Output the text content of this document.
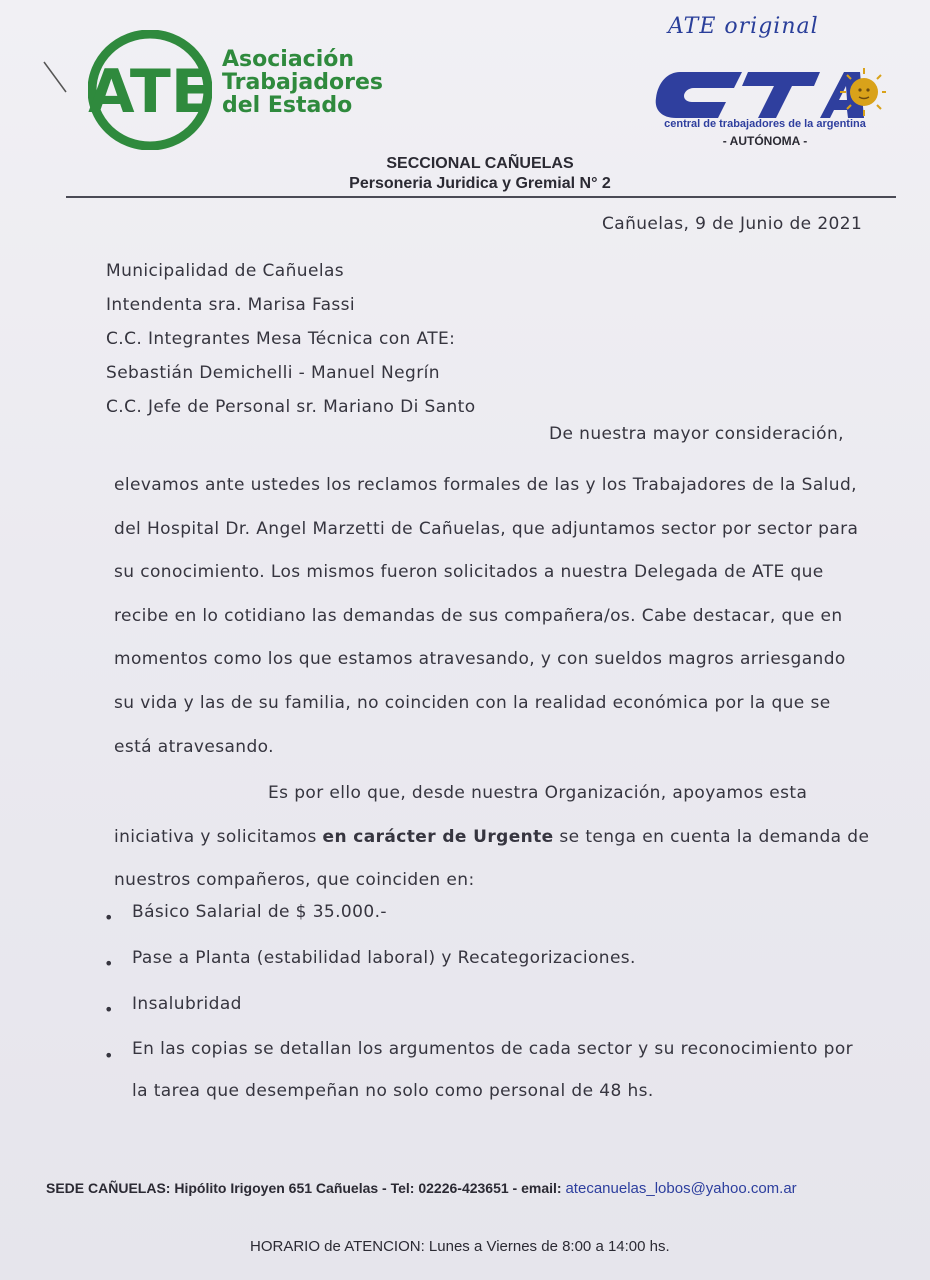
ATE Asociación
Trabajadores
del Estado
ATE original
central de trabajadores de la argentina
- AUTÓNOMA -
SECCIONAL CAÑUELAS
Personeria Juridica y Gremial N° 2
Cañuelas, 9 de Junio de 2021
Municipalidad de Cañuelas
Intendenta sra. Marisa Fassi
C.C. Integrantes Mesa Técnica con ATE:
Sebastián Demichelli - Manuel Negrín
C.C. Jefe de Personal sr. Mariano Di Santo
De nuestra mayor consideración,
elevamos ante ustedes los reclamos formales de las y los Trabajadores de la Salud,
del Hospital Dr. Angel Marzetti de Cañuelas, que adjuntamos sector por sector para
su conocimiento. Los mismos fueron solicitados a nuestra Delegada de ATE que
recibe en lo cotidiano las demandas de sus compañera/os. Cabe destacar, que en
momentos como los que estamos atravesando, y con sueldos magros arriesgando
su vida y las de su familia, no coinciden con la realidad económica por la que se
está atravesando.
Es por ello que, desde nuestra Organización, apoyamos esta
iniciativa y solicitamos en carácter de Urgente se tenga en cuenta la demanda de
nuestros compañeros, que coinciden en:
• Básico Salarial de $ 35.000.-
• Pase a Planta (estabilidad laboral) y Recategorizaciones.
• Insalubridad
• En las copias se detallan los argumentos de cada sector y su reconocimiento por
la tarea que desempeñan no solo como personal de 48 hs.
SEDE CAÑUELAS: Hipólito Irigoyen 651 Cañuelas - Tel: 02226-423651 - email: atecanuelas_lobos@yahoo.com.ar
HORARIO de ATENCION: Lunes a Viernes de 8:00 a 14:00 hs.
